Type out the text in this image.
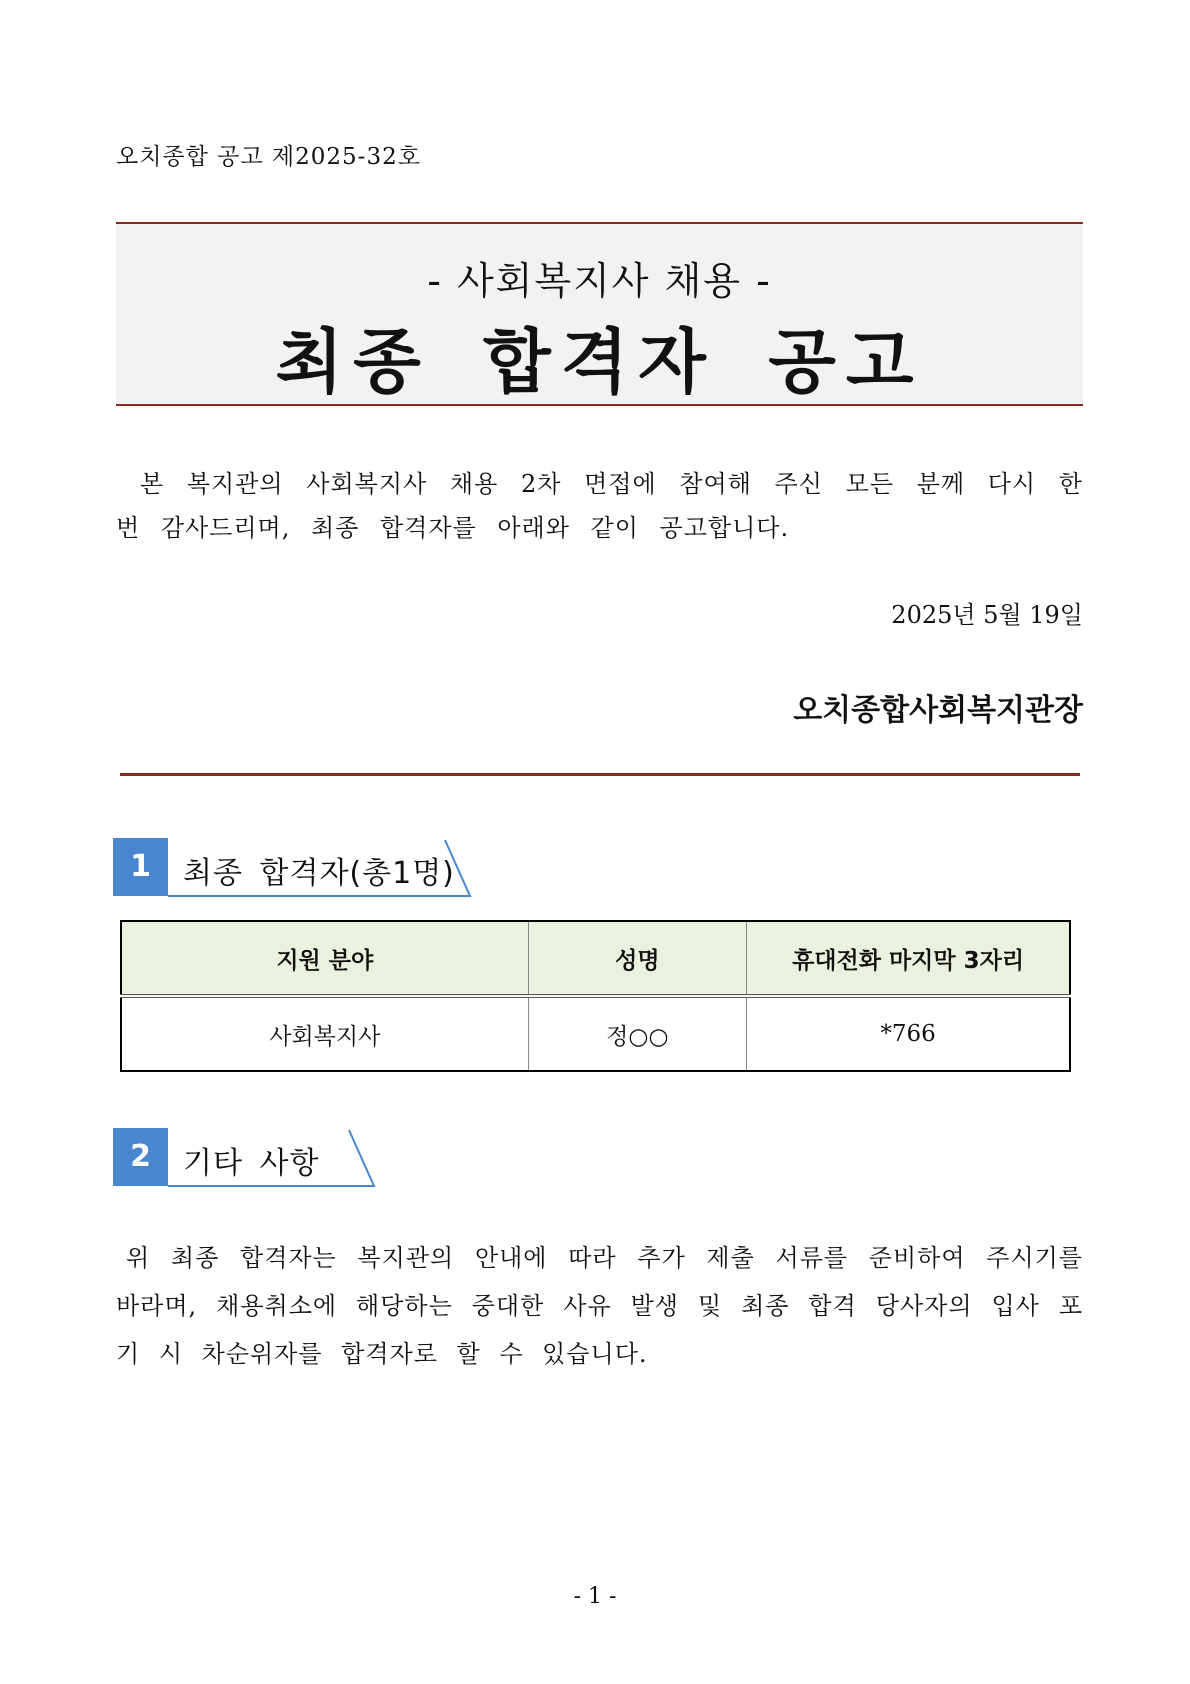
오치종합 공고 제2025-32호
- 사회복지사 채용 -
최종 합격자 공고

본 복지관의 사회복지사 채용 2차 면접에 참여해 주신 모든 분께 다시 한번 감사드리며, 최종 합격자를 아래와 같이 공고합니다.

2025년 5월 19일
오치종합사회복지관장
1	최종 합격자(총1명)
지원 분야	성명	휴대전화 마지막 3자리
사회복지사	정○○	*766
2	기타 사항

위 최종 합격자는 복지관의 안내에 따라 추가 제출 서류를 준비하여 주시기를 바라며, 채용취소에 해당하는 중대한 사유 발생 및 최종 합격 당사자의 입사 포기 시 차순위자를 합격자로 할 수 있습니다.

- 1 -
